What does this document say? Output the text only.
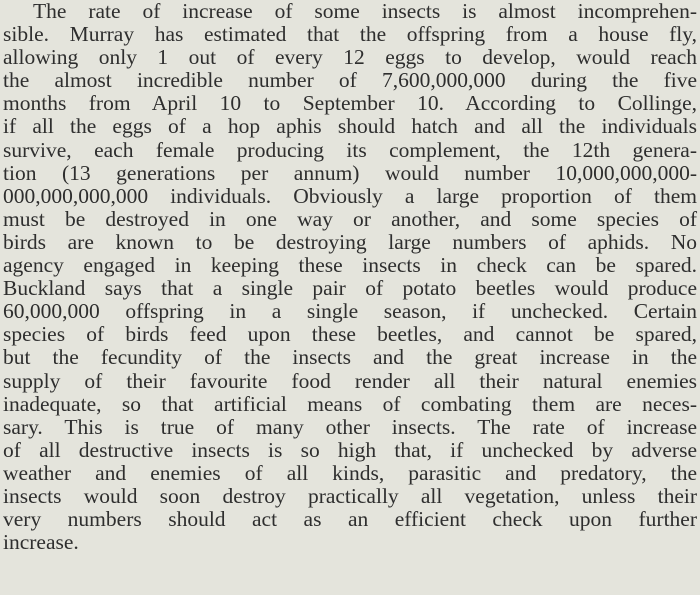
The rate of increase of some insects is almost incomprehen-
sible. Murray has estimated that the offspring from a house fly,
allowing only 1 out of every 12 eggs to develop, would reach
the almost incredible number of 7,600,000,000 during the five
months from April 10 to September 10. According to Collinge,
if all the eggs of a hop aphis should hatch and all the individuals
survive, each female producing its complement, the 12th genera-
tion (13 generations per annum) would number 10,000,000,000-
000,000,000,000 individuals. Obviously a large proportion of them
must be destroyed in one way or another, and some species of
birds are known to be destroying large numbers of aphids. No
agency engaged in keeping these insects in check can be spared.
Buckland says that a single pair of potato beetles would produce
60,000,000 offspring in a single season, if unchecked. Certain
species of birds feed upon these beetles, and cannot be spared,
but the fecundity of the insects and the great increase in the
supply of their favourite food render all their natural enemies
inadequate, so that artificial means of combating them are neces-
sary. This is true of many other insects. The rate of increase
of all destructive insects is so high that, if unchecked by adverse
weather and enemies of all kinds, parasitic and predatory, the
insects would soon destroy practically all vegetation, unless their
very numbers should act as an efficient check upon further
increase.
